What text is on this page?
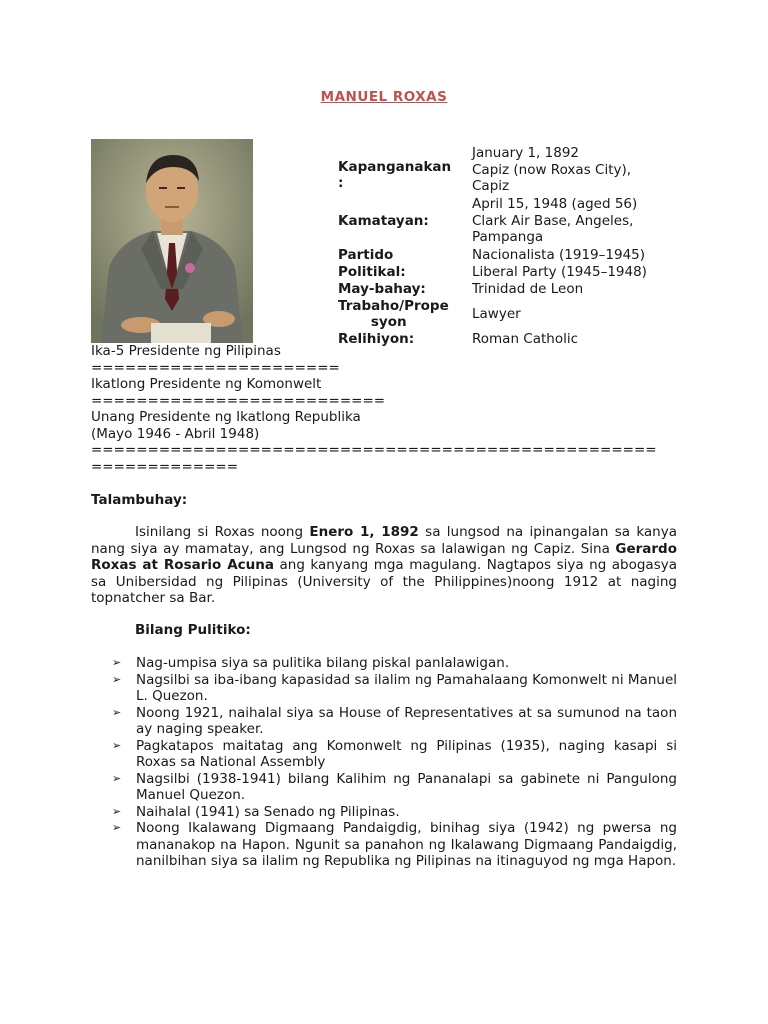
MANUEL ROXAS
Kapanganakan
:
January 1, 1892
Capiz (now Roxas City),
Capiz
Kamatayan:
April 15, 1948 (aged 56)
Clark Air Base, Angeles,
Pampanga
Partido
Politikal:
Nacionalista (1919–1945)
Liberal Party (1945–1948)
May-bahay:	Trinidad de Leon
Trabaho/Prope
syon
Lawyer
Relihiyon:	Roman Catholic
Ika-5 Presidente ng Pilipinas
======================
Ikatlong Presidente ng Komonwelt
==========================
Unang Presidente ng Ikatlong Republika
(Mayo 1946 - Abril 1948)
==================================================
=============
Talambuhay:
Isinilang si Roxas noong Enero 1, 1892 sa lungsod na ipinangalan sa kanya nang siya ay mamatay, ang Lungsod ng Roxas sa lalawigan ng Capiz. Sina Gerardo Roxas at Rosario Acuna ang kanyang mga magulang. Nagtapos siya ng abogasya sa Unibersidad ng Pilipinas (University of the Philippines)noong 1912 at naging topnatcher sa Bar.
Bilang Pulitiko:
➢ Nag-umpisa siya sa pulitika bilang piskal panlalawigan.
➢ Nagsilbi sa iba-ibang kapasidad sa ilalim ng Pamahalaang Komonwelt ni Manuel L. Quezon.
➢ Noong 1921, naihalal siya sa House of Representatives at sa sumunod na taon ay naging speaker.
➢ Pagkatapos maitatag ang Komonwelt ng Pilipinas (1935), naging kasapi si Roxas sa National Assembly
➢ Nagsilbi (1938-1941) bilang Kalihim ng Pananalapi sa gabinete ni Pangulong Manuel Quezon.
➢ Naihalal (1941) sa Senado ng Pilipinas.
➢ Noong Ikalawang Digmaang Pandaigdig, binihag siya (1942) ng pwersa ng mananakop na Hapon. Ngunit sa panahon ng Ikalawang Digmaang Pandaigdig, nanilbihan siya sa ilalim ng Republika ng Pilipinas na itinaguyod ng mga Hapon.
